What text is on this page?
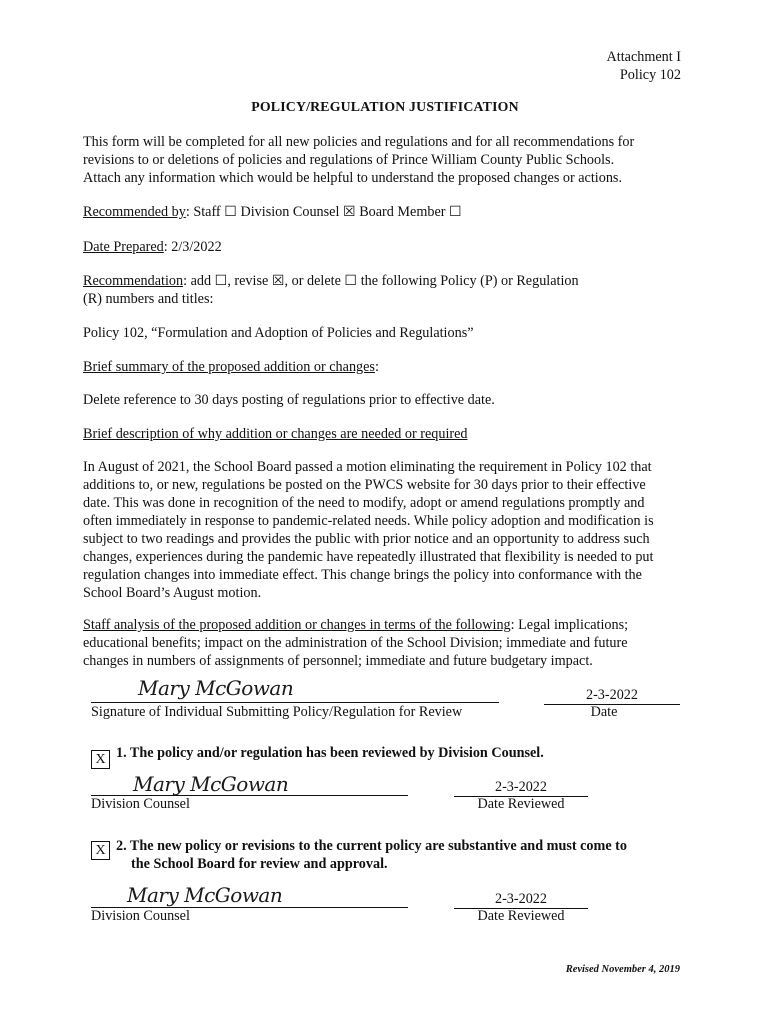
Attachment I
Policy 102
POLICY/REGULATION JUSTIFICATION
This form will be completed for all new policies and regulations and for all recommendations for
revisions to or deletions of policies and regulations of Prince William County Public Schools.
Attach any information which would be helpful to understand the proposed changes or actions.
Recommended by: Staff ☐ Division Counsel ☒ Board Member ☐
Date Prepared: 2/3/2022
Recommendation: add ☐, revise ☒, or delete ☐ the following Policy (P) or Regulation
(R) numbers and titles:
Policy 102, “Formulation and Adoption of Policies and Regulations”
Brief summary of the proposed addition or changes:
Delete reference to 30 days posting of regulations prior to effective date.
Brief description of why addition or changes are needed or required
In August of 2021, the School Board passed a motion eliminating the requirement in Policy 102 that
additions to, or new, regulations be posted on the PWCS website for 30 days prior to their effective
date. This was done in recognition of the need to modify, adopt or amend regulations promptly and
often immediately in response to pandemic-related needs. While policy adoption and modification is
subject to two readings and provides the public with prior notice and an opportunity to address such
changes, experiences during the pandemic have repeatedly illustrated that flexibility is needed to put
regulation changes into immediate effect. This change brings the policy into conformance with the
School Board’s August motion.
Staff analysis of the proposed addition or changes in terms of the following: Legal implications;
educational benefits; impact on the administration of the School Division; immediate and future
changes in numbers of assignments of personnel; immediate and future budgetary impact.
Mary McGowan
Signature of Individual Submitting Policy/Regulation for Review
2-3-2022
Date
X 1. The policy and/or regulation has been reviewed by Division Counsel.
Mary McGowan
Division Counsel
2-3-2022
Date Reviewed
X 2. The new policy or revisions to the current policy are substantive and must come to
the School Board for review and approval.
Mary McGowan
Division Counsel
2-3-2022
Date Reviewed
Revised November 4, 2019
